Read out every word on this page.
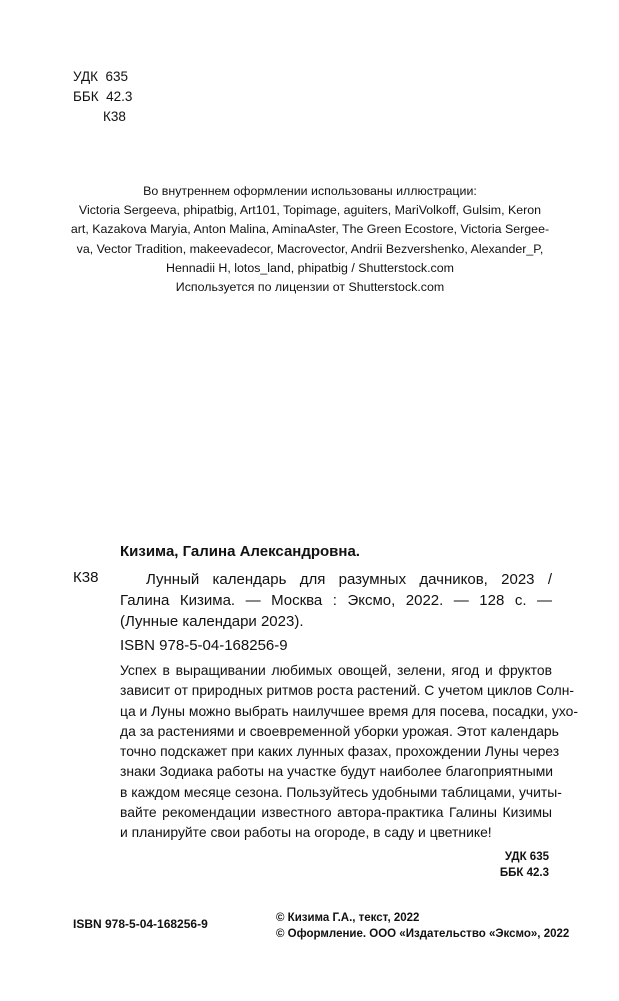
УДК  635
ББК  42.3
К38
Во внутреннем оформлении использованы иллюстрации:
Victoria Sergeeva, phipatbig, Art101, Topimage, aguiters, MariVolkoff, Gulsim, Keron
art, Kazakova Maryia, Anton Malina, AminaAster, The Green Ecostore, Victoria Sergee-
va, Vector Tradition, makeevadecor, Macrovector, Andrii Bezvershenko, Alexander_P,
Hennadii H, lotos_land, phipatbig / Shutterstock.com
Используется по лицензии от Shutterstock.com
Кизима, Галина Александровна.
К38	Лунный календарь для разумных дачников, 2023 /
Галина Кизима. — Москва : Эксмо, 2022. — 128 с. —
(Лунные календари 2023).
ISBN 978-5-04-168256-9
Успех в выращивании любимых овощей, зелени, ягод и фруктов
зависит от природных ритмов роста растений. С учетом циклов Солн-
ца и Луны можно выбрать наилучшее время для посева, посадки, ухо-
да за растениями и своевременной уборки урожая. Этот календарь
точно подскажет при каких лунных фазах, прохождении Луны через
знаки Зодиака работы на участке будут наиболее благоприятными
в каждом месяце сезона. Пользуйтесь удобными таблицами, учиты-
вайте рекомендации известного автора-практика Галины Кизимы
и планируйте свои работы на огороде, в саду и цветнике!
УДК 635
ББК 42.3
ISBN 978-5-04-168256-9	© Кизима Г.А., текст, 2022
© Оформление. ООО «Издательство «Эксмо», 2022
